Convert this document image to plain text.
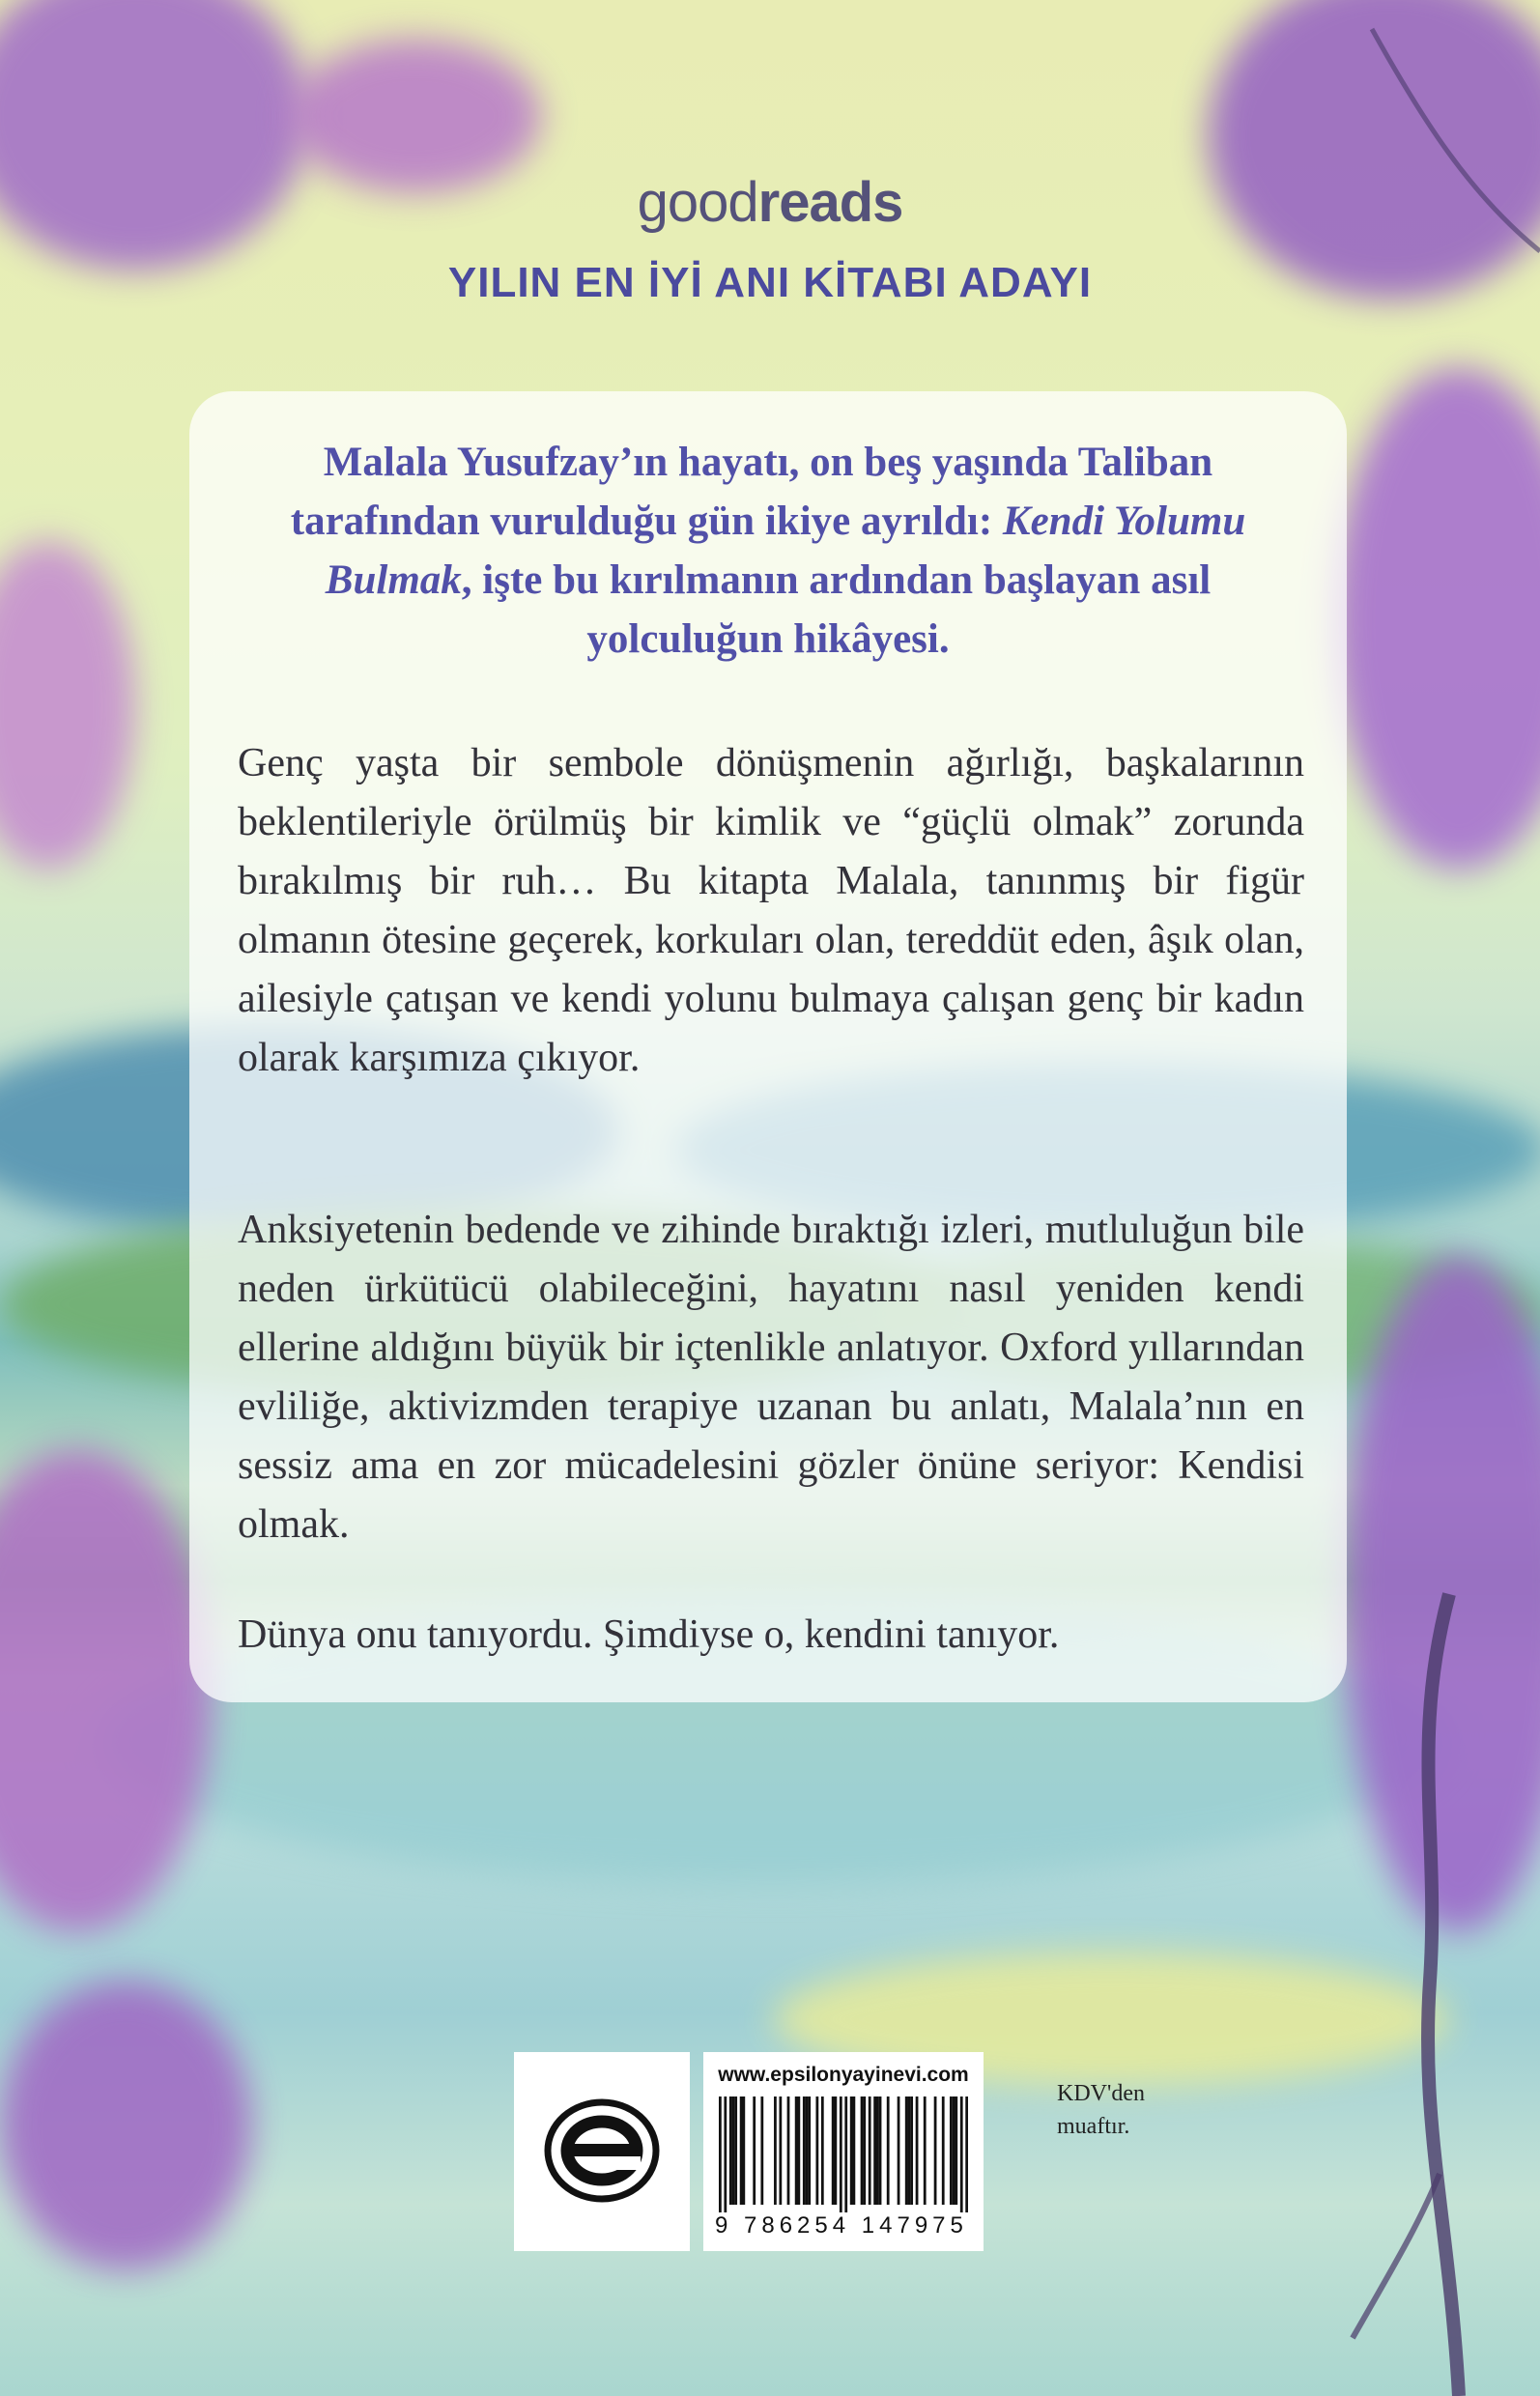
goodreads
YILIN EN İYİ ANI KİTABI ADAYI
Malala Yusufzay’ın hayatı, on beş yaşında Taliban tarafından vurulduğu gün ikiye ayrıldı: Kendi Yolumu Bulmak, işte bu kırılmanın ardından başlayan asıl yolculuğun hikâyesi.

Genç yaşta bir sembole dönüşmenin ağırlığı, başkalarının beklentileriyle örülmüş bir kimlik ve “güçlü olmak” zorunda bırakılmış bir ruh… Bu kitapta Malala, tanınmış bir figür olmanın ötesine geçerek, korkuları olan, tereddüt eden, âşık olan, ailesiyle çatışan ve kendi yolunu bulmaya çalışan genç bir kadın olarak karşımıza çıkıyor.

Anksiyetenin bedende ve zihinde bıraktığı izleri, mutluluğun bile neden ürkütücü olabileceğini, hayatını nasıl yeniden kendi ellerine aldığını büyük bir içtenlikle anlatıyor. Oxford yıllarından evliliğe, aktivizmden terapiye uzanan bu anlatı, Malala’nın en sessiz ama en zor mücadelesini gözler önüne seriyor: Kendisi olmak.

Dünya onu tanıyordu. Şimdiyse o, kendini tanıyor.

www.epsilonyayinevi.com
9 786254 147975
KDV'den
muaftır.
